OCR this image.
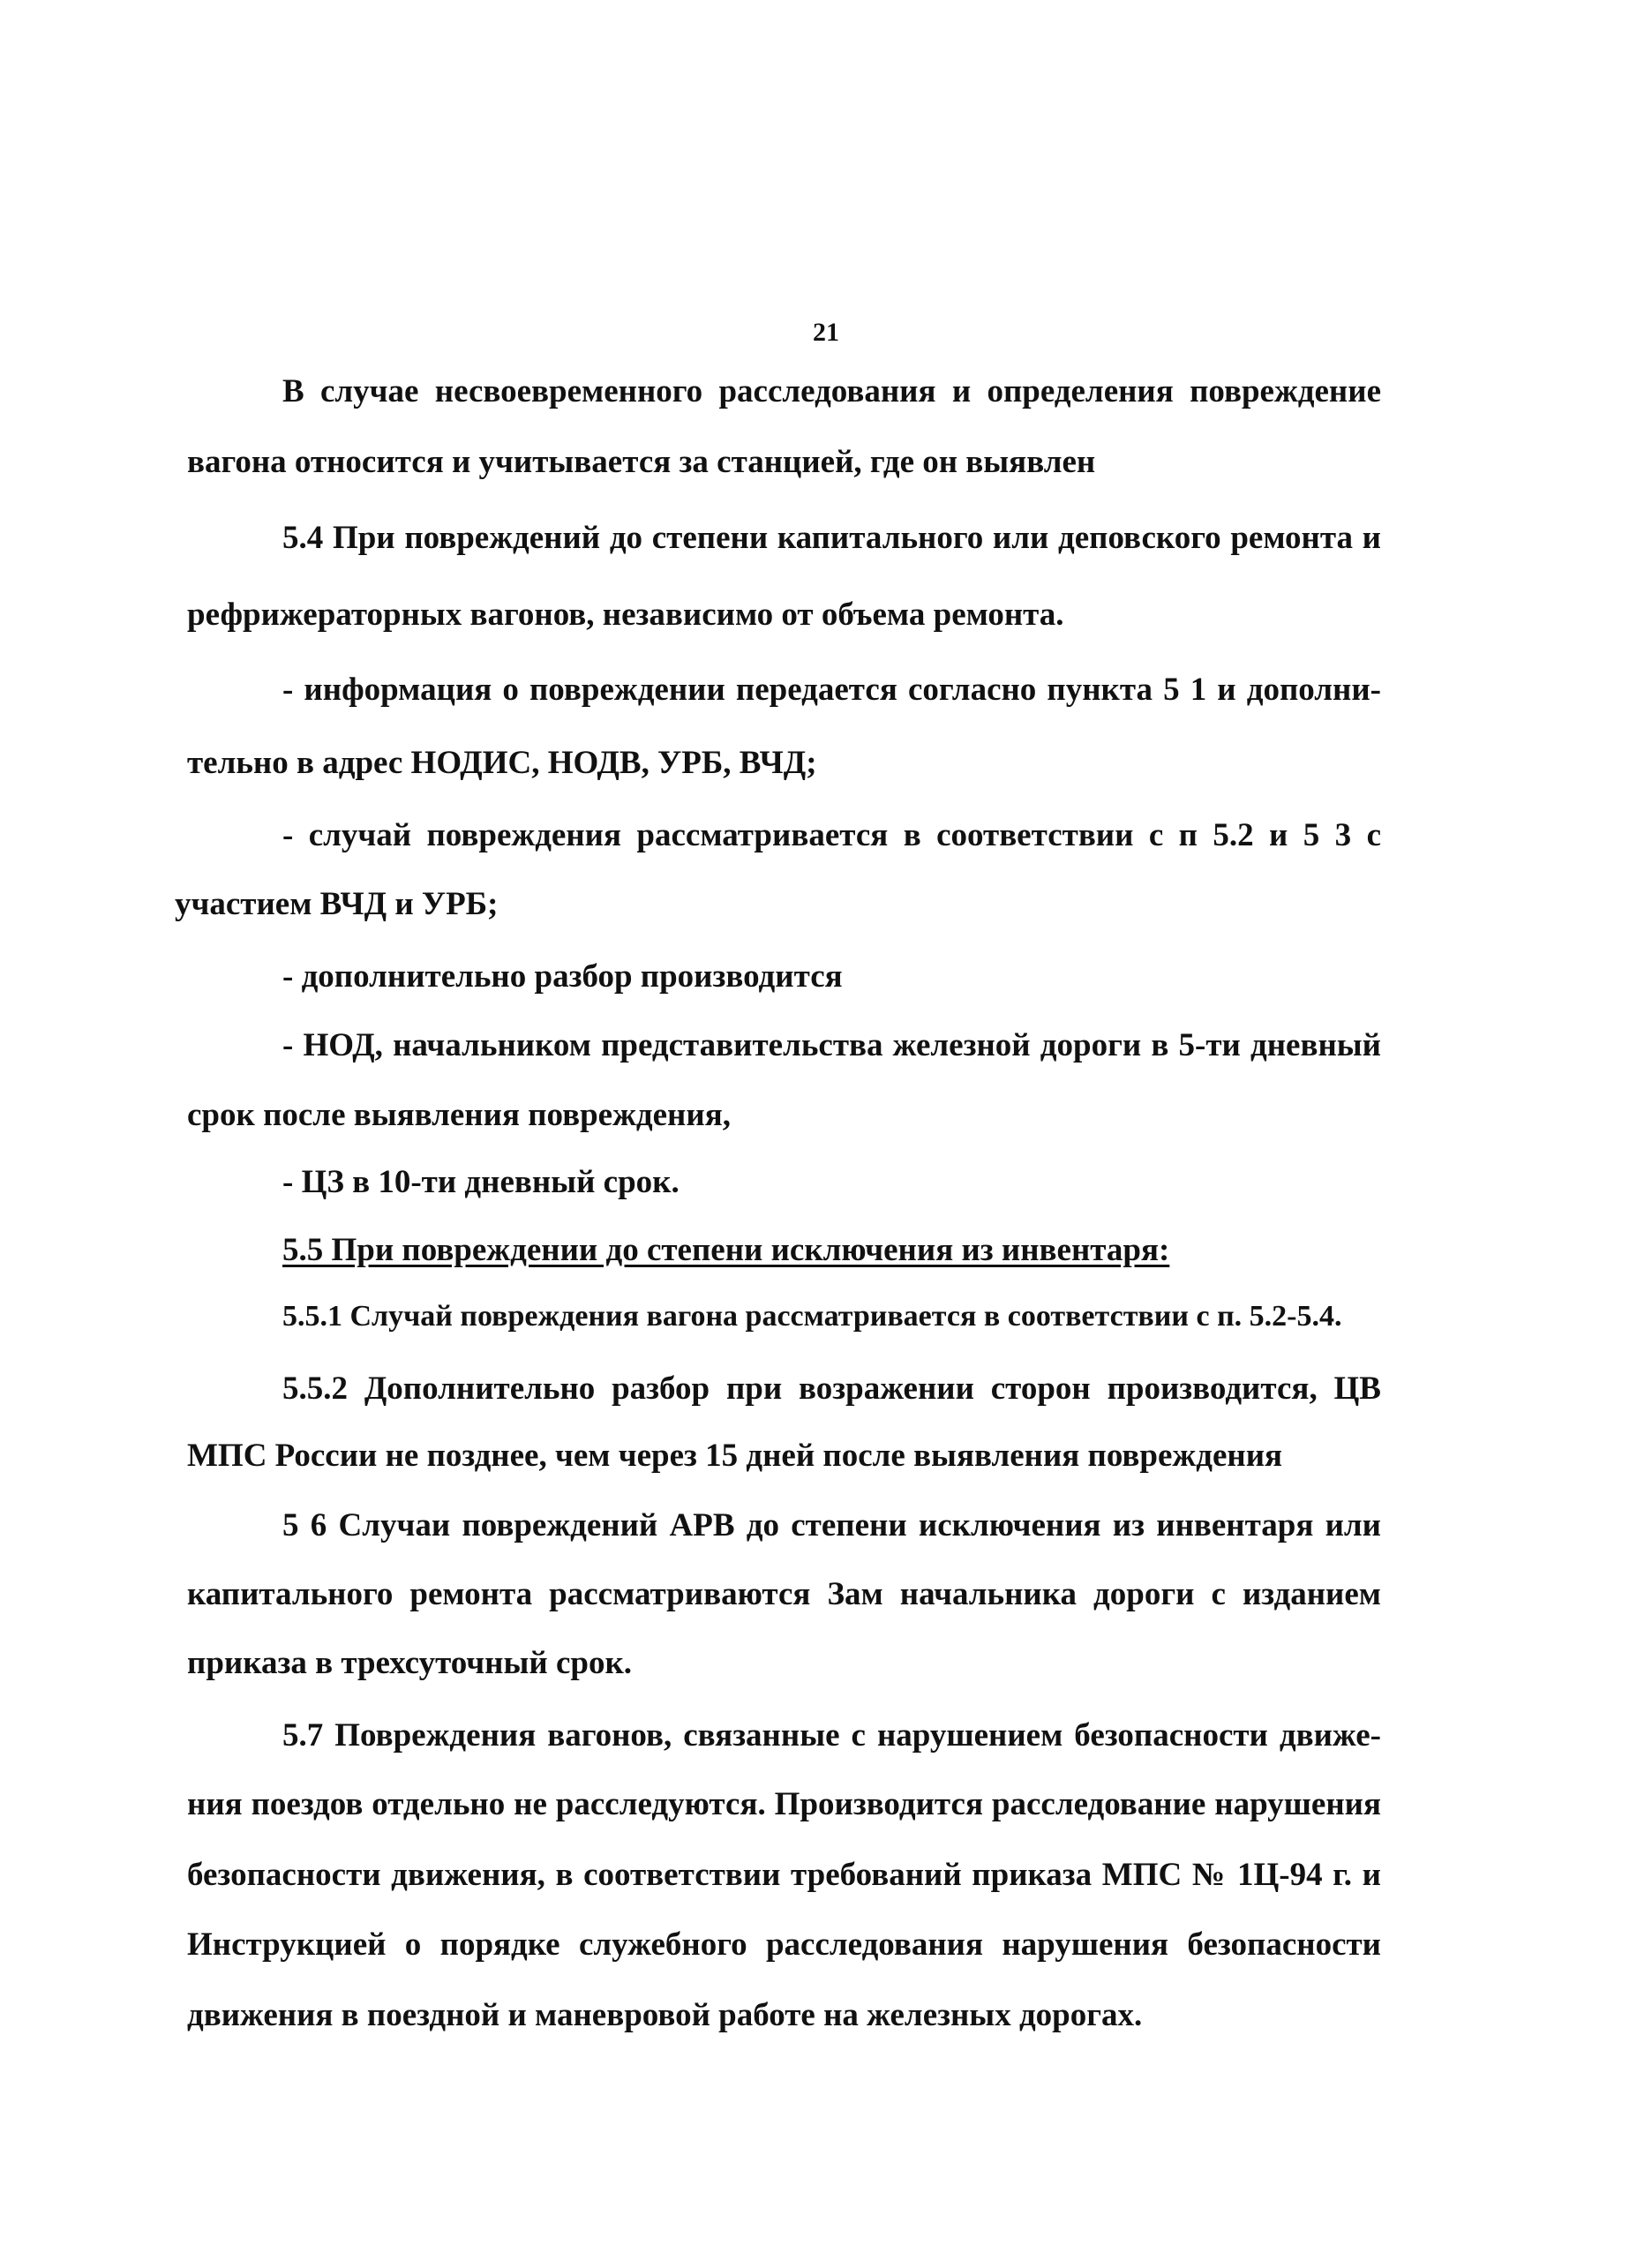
21

В случае несвоевременного расследования и определения повреждение

вагона относится и учитывается за станцией, где он выявлен

5.4 При повреждений до степени капитального или деповского ремонта и

рефрижераторных вагонов, независимо от объема ремонта.

- информация о повреждении передается согласно пункта 5 1 и дополни-

тельно в адрес НОДИС, НОДВ, УРБ, ВЧД;

- случай повреждения рассматривается в соответствии с п 5.2 и 5 3 с

участием ВЧД и УРБ;

- дополнительно разбор производится

- НОД, начальником представительства железной дороги в 5-ти дневный

срок после выявления повреждения,

- ЦЗ в 10-ти дневный срок.

5.5 При повреждении до степени исключения из инвентаря:

5.5.1 Случай повреждения вагона рассматривается в соответствии с п. 5.2-5.4.

5.5.2 Дополнительно разбор при возражении сторон производится, ЦВ

МПС России не позднее, чем через 15 дней после выявления повреждения

5 6 Случаи повреждений АРВ до степени исключения из инвентаря или

капитального ремонта рассматриваются Зам начальника дороги с изданием

приказа в трехсуточный срок.

5.7 Повреждения вагонов, связанные с нарушением безопасности движе-

ния поездов отдельно не расследуются. Производится расследование нарушения

безопасности движения, в соответствии требований приказа МПС № 1Ц-94 г. и

Инструкцией о порядке служебного расследования нарушения безопасности

движения в поездной и маневровой работе на железных дорогах.
